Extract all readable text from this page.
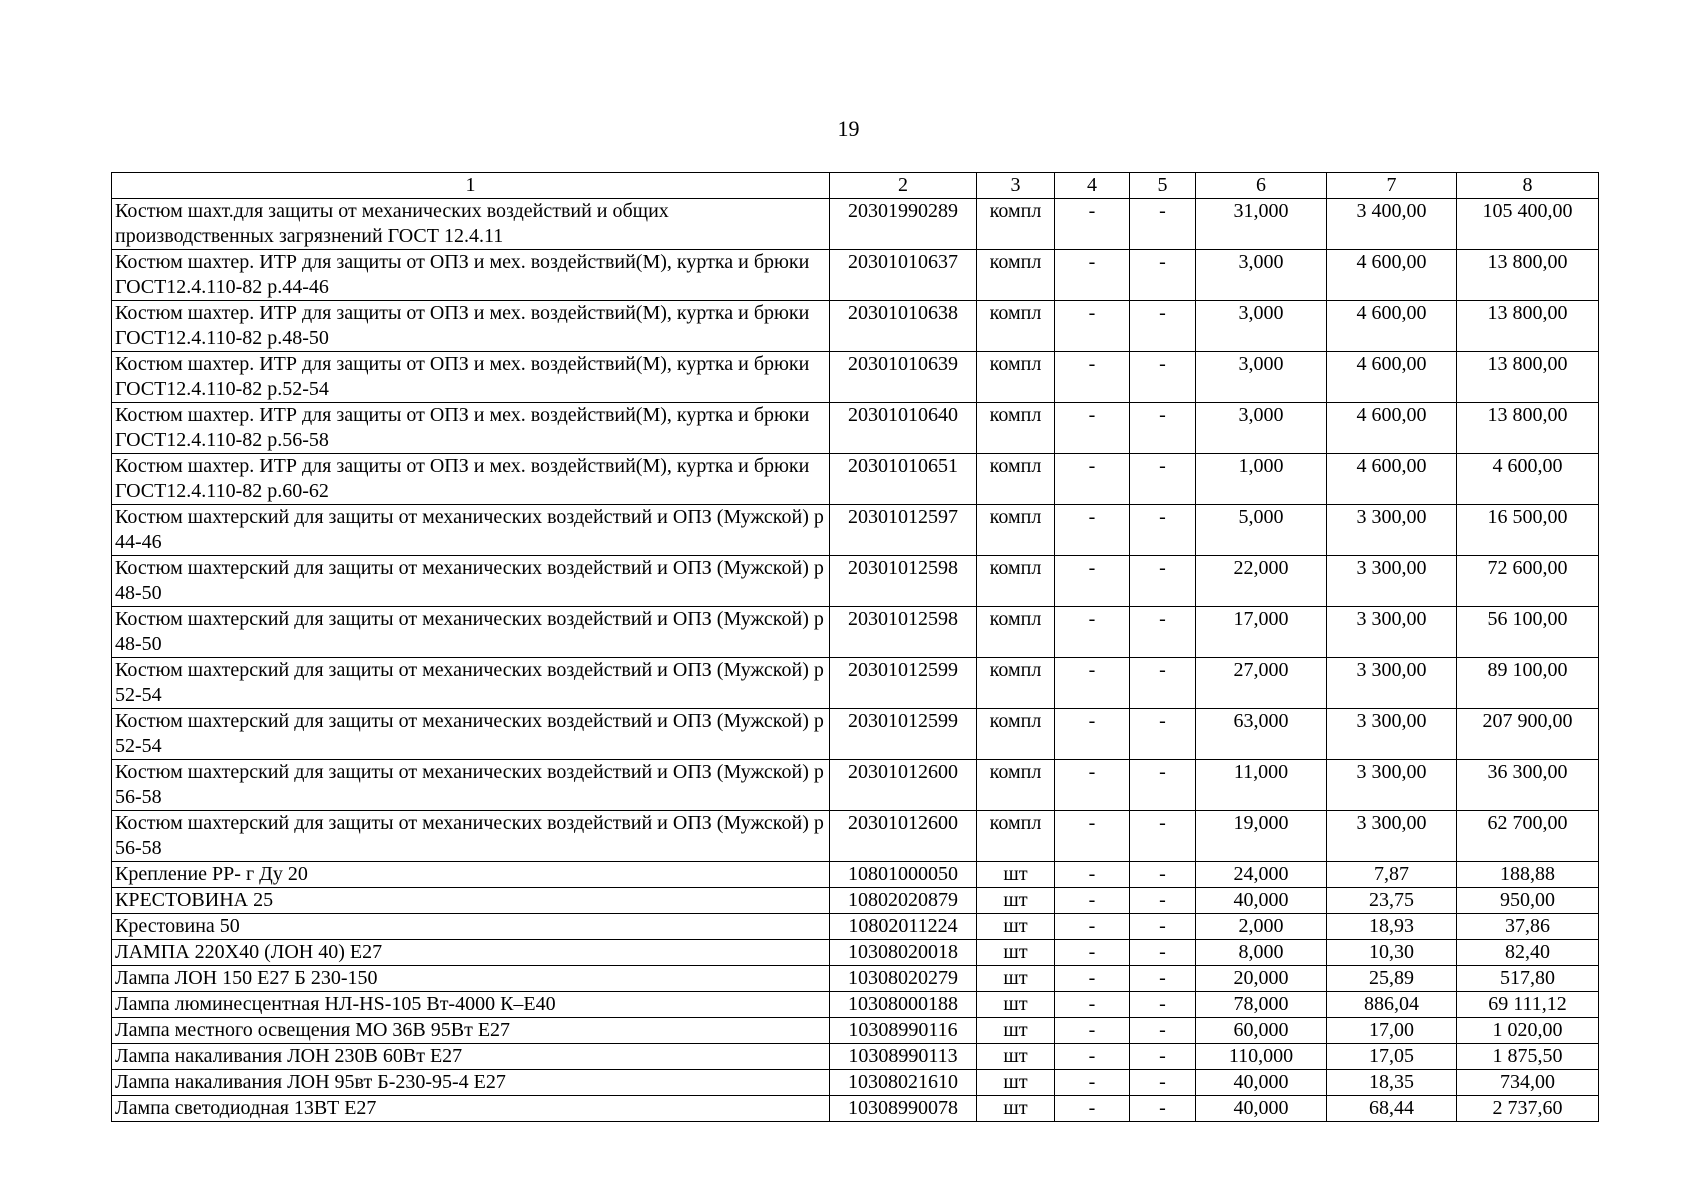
19
1	2	3	4	5	6	7	8
Костюм шахт.для защиты от механических воздействий и общих производственных загрязнений ГОСТ 12.4.11	20301990289	компл	-	-	31,000	3 400,00	105 400,00
Костюм шахтер. ИТР для защиты от ОПЗ и мех. воздействий(М), куртка и брюки ГОСТ12.4.110-82 р.44-46	20301010637	компл	-	-	3,000	4 600,00	13 800,00
Костюм шахтер. ИТР для защиты от ОПЗ и мех. воздействий(М), куртка и брюки ГОСТ12.4.110-82 р.48-50	20301010638	компл	-	-	3,000	4 600,00	13 800,00
Костюм шахтер. ИТР для защиты от ОПЗ и мех. воздействий(М), куртка и брюки ГОСТ12.4.110-82 р.52-54	20301010639	компл	-	-	3,000	4 600,00	13 800,00
Костюм шахтер. ИТР для защиты от ОПЗ и мех. воздействий(М), куртка и брюки ГОСТ12.4.110-82 р.56-58	20301010640	компл	-	-	3,000	4 600,00	13 800,00
Костюм шахтер. ИТР для защиты от ОПЗ и мех. воздействий(М), куртка и брюки ГОСТ12.4.110-82 р.60-62	20301010651	компл	-	-	1,000	4 600,00	4 600,00
Костюм шахтерский для защиты от механических воздействий и ОПЗ (Мужской) р 44-46	20301012597	компл	-	-	5,000	3 300,00	16 500,00
Костюм шахтерский для защиты от механических воздействий и ОПЗ (Мужской) р 48-50	20301012598	компл	-	-	22,000	3 300,00	72 600,00
Костюм шахтерский для защиты от механических воздействий и ОПЗ (Мужской) р 48-50	20301012598	компл	-	-	17,000	3 300,00	56 100,00
Костюм шахтерский для защиты от механических воздействий и ОПЗ (Мужской) р 52-54	20301012599	компл	-	-	27,000	3 300,00	89 100,00
Костюм шахтерский для защиты от механических воздействий и ОПЗ (Мужской) р 52-54	20301012599	компл	-	-	63,000	3 300,00	207 900,00
Костюм шахтерский для защиты от механических воздействий и ОПЗ (Мужской) р 56-58	20301012600	компл	-	-	11,000	3 300,00	36 300,00
Костюм шахтерский для защиты от механических воздействий и ОПЗ (Мужской) р 56-58	20301012600	компл	-	-	19,000	3 300,00	62 700,00
Крепление РР- г Ду 20	10801000050	шт	-	-	24,000	7,87	188,88
КРЕСТОВИНА 25	10802020879	шт	-	-	40,000	23,75	950,00
Крестовина 50	10802011224	шт	-	-	2,000	18,93	37,86
ЛАМПА 220Х40 (ЛОН 40) Е27	10308020018	шт	-	-	8,000	10,30	82,40
Лампа ЛОН 150 Е27 Б 230-150	10308020279	шт	-	-	20,000	25,89	517,80
Лампа люминесцентная НЛ-HS-105 Вт-4000 К–Е40	10308000188	шт	-	-	78,000	886,04	69 111,12
Лампа местного освещения МО 36В 95Вт Е27	10308990116	шт	-	-	60,000	17,00	1 020,00
Лампа накаливания ЛОН 230В 60Вт Е27	10308990113	шт	-	-	110,000	17,05	1 875,50
Лампа накаливания ЛОН 95вт Б-230-95-4 Е27	10308021610	шт	-	-	40,000	18,35	734,00
Лампа светодиодная 13ВТ Е27	10308990078	шт	-	-	40,000	68,44	2 737,60
